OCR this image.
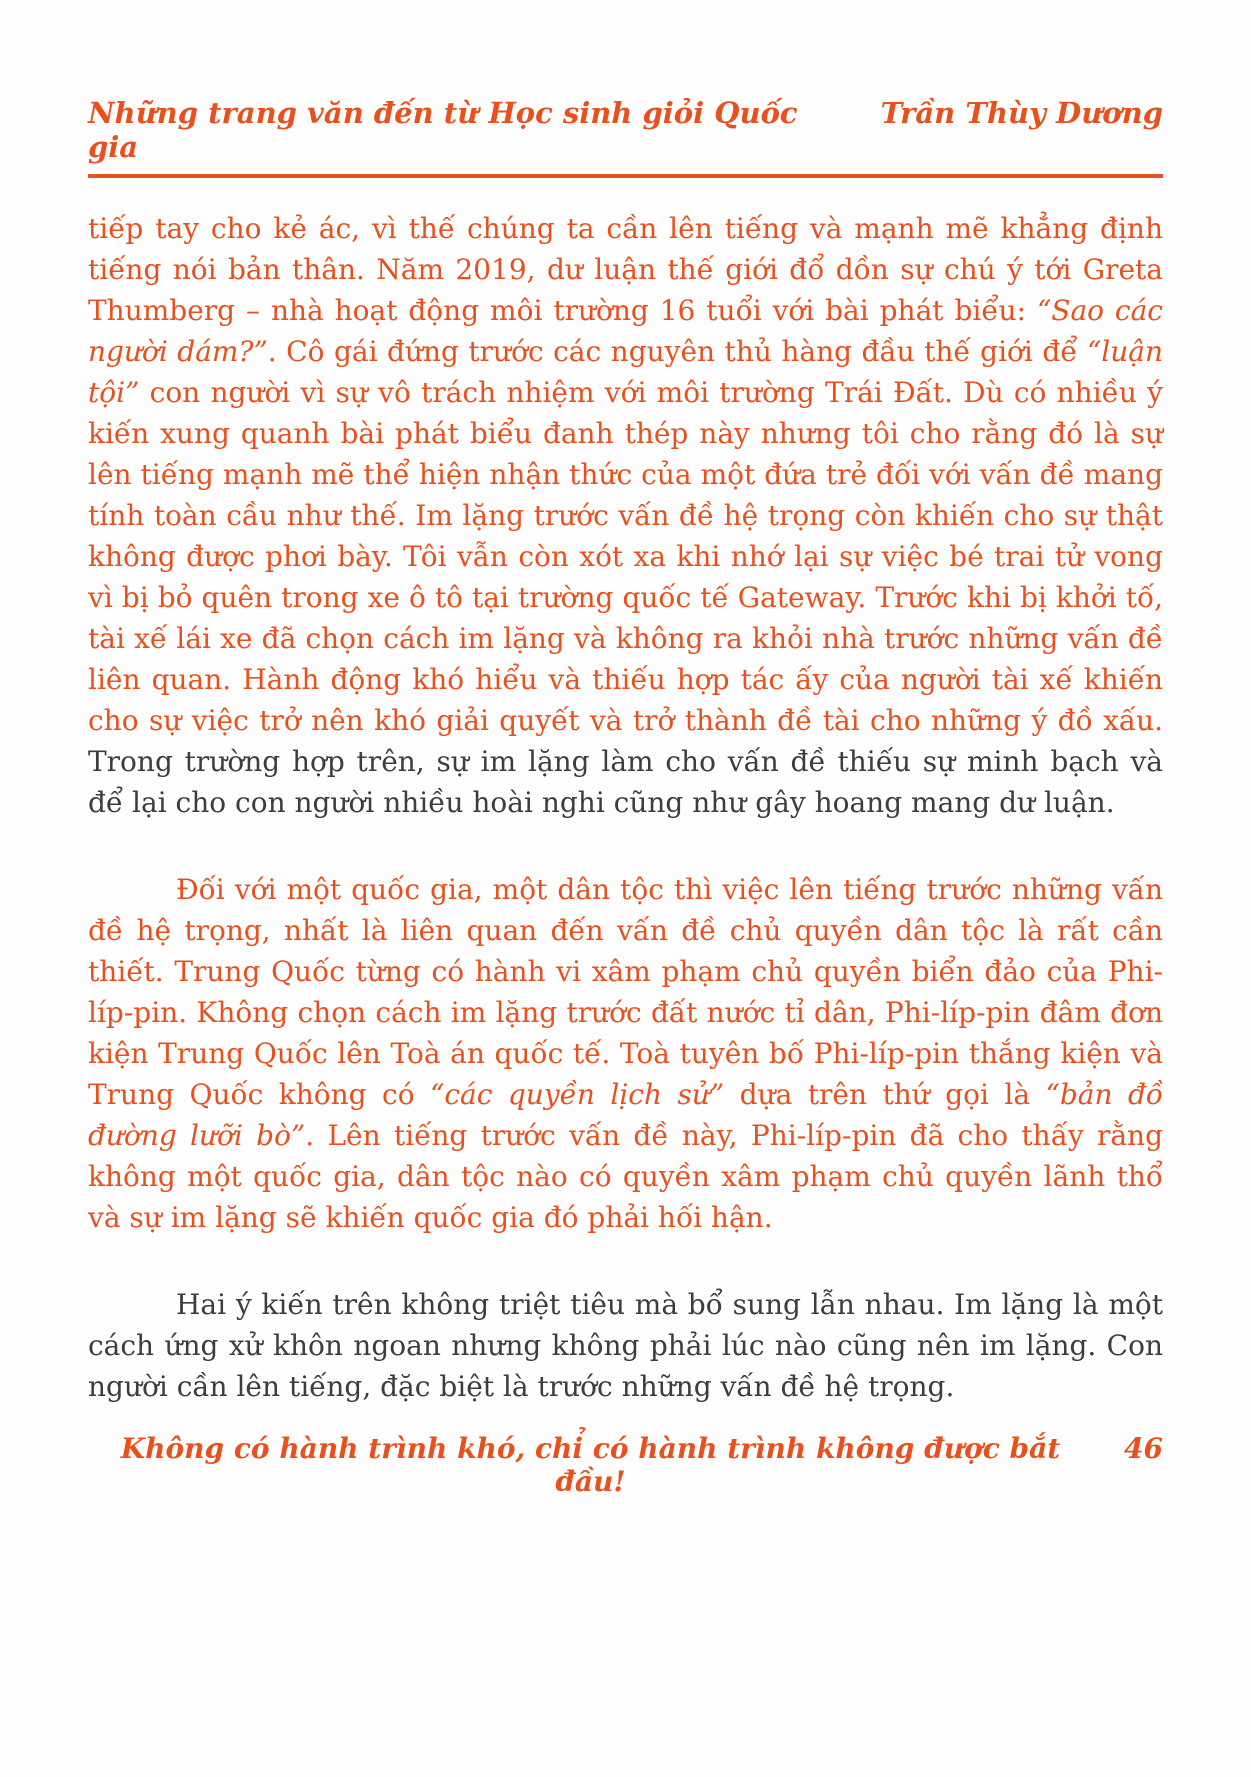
Những trang văn đến từ Học sinh giỏi Quốc gia
Trần Thùy Dương

tiếp tay cho kẻ ác, vì thế chúng ta cần lên tiếng và mạnh mẽ khẳng định tiếng nói bản thân. Năm 2019, dư luận thế giới đổ dồn sự chú ý tới Greta Thumberg – nhà hoạt động môi trường 16 tuổi với bài phát biểu: “Sao các người dám?”. Cô gái đứng trước các nguyên thủ hàng đầu thế giới để “luận tội” con người vì sự vô trách nhiệm với môi trường Trái Đất. Dù có nhiều ý kiến xung quanh bài phát biểu đanh thép này nhưng tôi cho rằng đó là sự lên tiếng mạnh mẽ thể hiện nhận thức của một đứa trẻ đối với vấn đề mang tính toàn cầu như thế. Im lặng trước vấn đề hệ trọng còn khiến cho sự thật không được phơi bày. Tôi vẫn còn xót xa khi nhớ lại sự việc bé trai tử vong vì bị bỏ quên trong xe ô tô tại trường quốc tế Gateway. Trước khi bị khởi tố, tài xế lái xe đã chọn cách im lặng và không ra khỏi nhà trước những vấn đề liên quan. Hành động khó hiểu và thiếu hợp tác ấy của người tài xế khiến cho sự việc trở nên khó giải quyết và trở thành đề tài cho những ý đồ xấu. Trong trường hợp trên, sự im lặng làm cho vấn đề thiếu sự minh bạch và để lại cho con người nhiều hoài nghi cũng như gây hoang mang dư luận.

Đối với một quốc gia, một dân tộc thì việc lên tiếng trước những vấn đề hệ trọng, nhất là liên quan đến vấn đề chủ quyền dân tộc là rất cần thiết. Trung Quốc từng có hành vi xâm phạm chủ quyền biển đảo của Phi-líp-pin. Không chọn cách im lặng trước đất nước tỉ dân, Phi-líp-pin đâm đơn kiện Trung Quốc lên Toà án quốc tế. Toà tuyên bố Phi-líp-pin thắng kiện và Trung Quốc không có “các quyền lịch sử” dựa trên thứ gọi là “bản đồ đường lưỡi bò”. Lên tiếng trước vấn đề này, Phi-líp-pin đã cho thấy rằng không một quốc gia, dân tộc nào có quyền xâm phạm chủ quyền lãnh thổ và sự im lặng sẽ khiến quốc gia đó phải hối hận.

Hai ý kiến trên không triệt tiêu mà bổ sung lẫn nhau. Im lặng là một cách ứng xử khôn ngoan nhưng không phải lúc nào cũng nên im lặng. Con người cần lên tiếng, đặc biệt là trước những vấn đề hệ trọng.

Không có hành trình khó, chỉ có hành trình không được bắt đầu!
46
